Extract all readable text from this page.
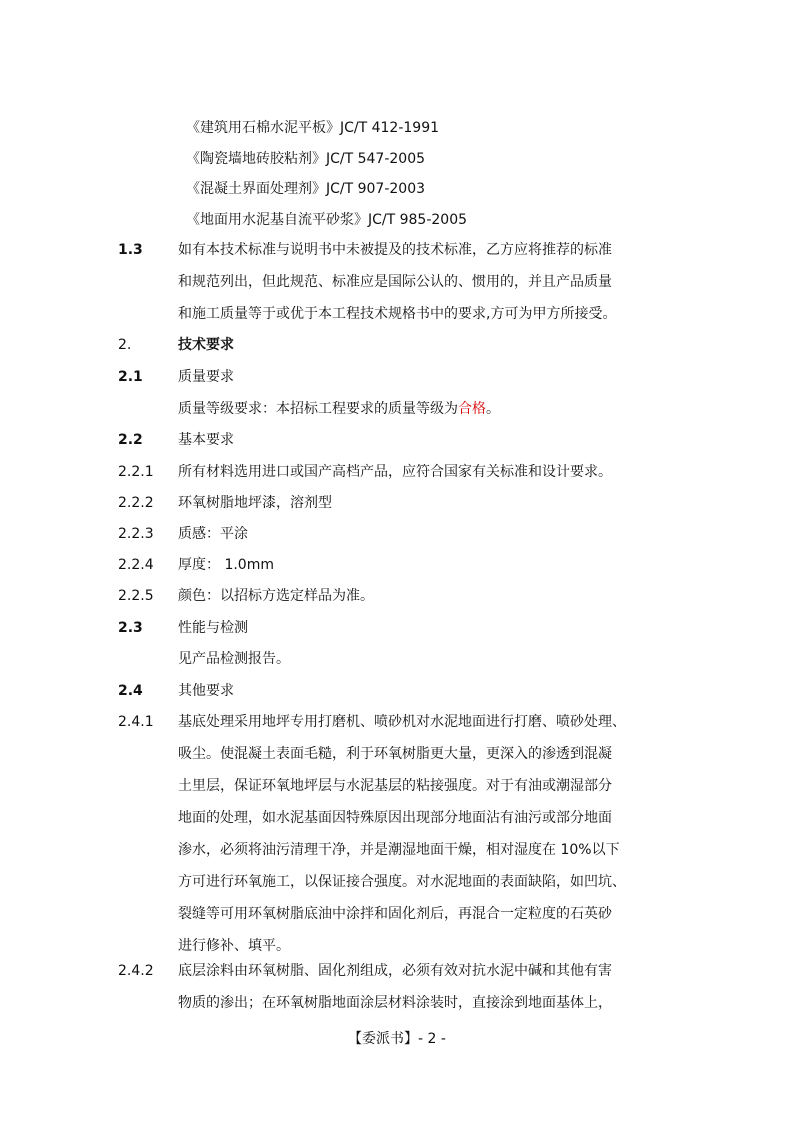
《建筑用石棉水泥平板》JC/T 412-1991
《陶瓷墙地砖胶粘剂》JC/T 547-2005
《混凝土界面处理剂》JC/T 907-2003
《地面用水泥基自流平砂浆》JC/T 985-2005
1.3	如有本技术标准与说明书中未被提及的技术标准，乙方应将推荐的标准
和规范列出，但此规范、标准应是国际公认的、惯用的，并且产品质量
和施工质量等于或优于本工程技术规格书中的要求,方可为甲方所接受。
2.	技术要求
2.1	质量要求
质量等级要求：本招标工程要求的质量等级为合格。
2.2	基本要求
2.2.1 所有材料选用进口或国产高档产品，应符合国家有关标准和设计要求。
2.2.2 环氧树脂地坪漆，溶剂型
2.2.3 质感：平涂
2.2.4 厚度： 1.0mm
2.2.5 颜色：以招标方选定样品为准。
2.3	性能与检测
见产品检测报告。
2.4	其他要求
2.4.1 基底处理采用地坪专用打磨机、喷砂机对水泥地面进行打磨、喷砂处理、
吸尘。使混凝土表面毛糙，利于环氧树脂更大量，更深入的渗透到混凝
土里层，保证环氧地坪层与水泥基层的粘接强度。对于有油或潮湿部分
地面的处理，如水泥基面因特殊原因出现部分地面沾有油污或部分地面
渗水，必须将油污清理干净，并是潮湿地面干燥，相对湿度在 10%以下
方可进行环氧施工，以保证接合强度。对水泥地面的表面缺陷，如凹坑、
裂缝等可用环氧树脂底油中涂拌和固化剂后，再混合一定粒度的石英砂
进行修补、填平。
2.4.2 底层涂料由环氧树脂、固化剂组成，必须有效对抗水泥中碱和其他有害
物质的渗出；在环氧树脂地面涂层材料涂装时，直接涂到地面基体上，
【委派书】- 2 -
